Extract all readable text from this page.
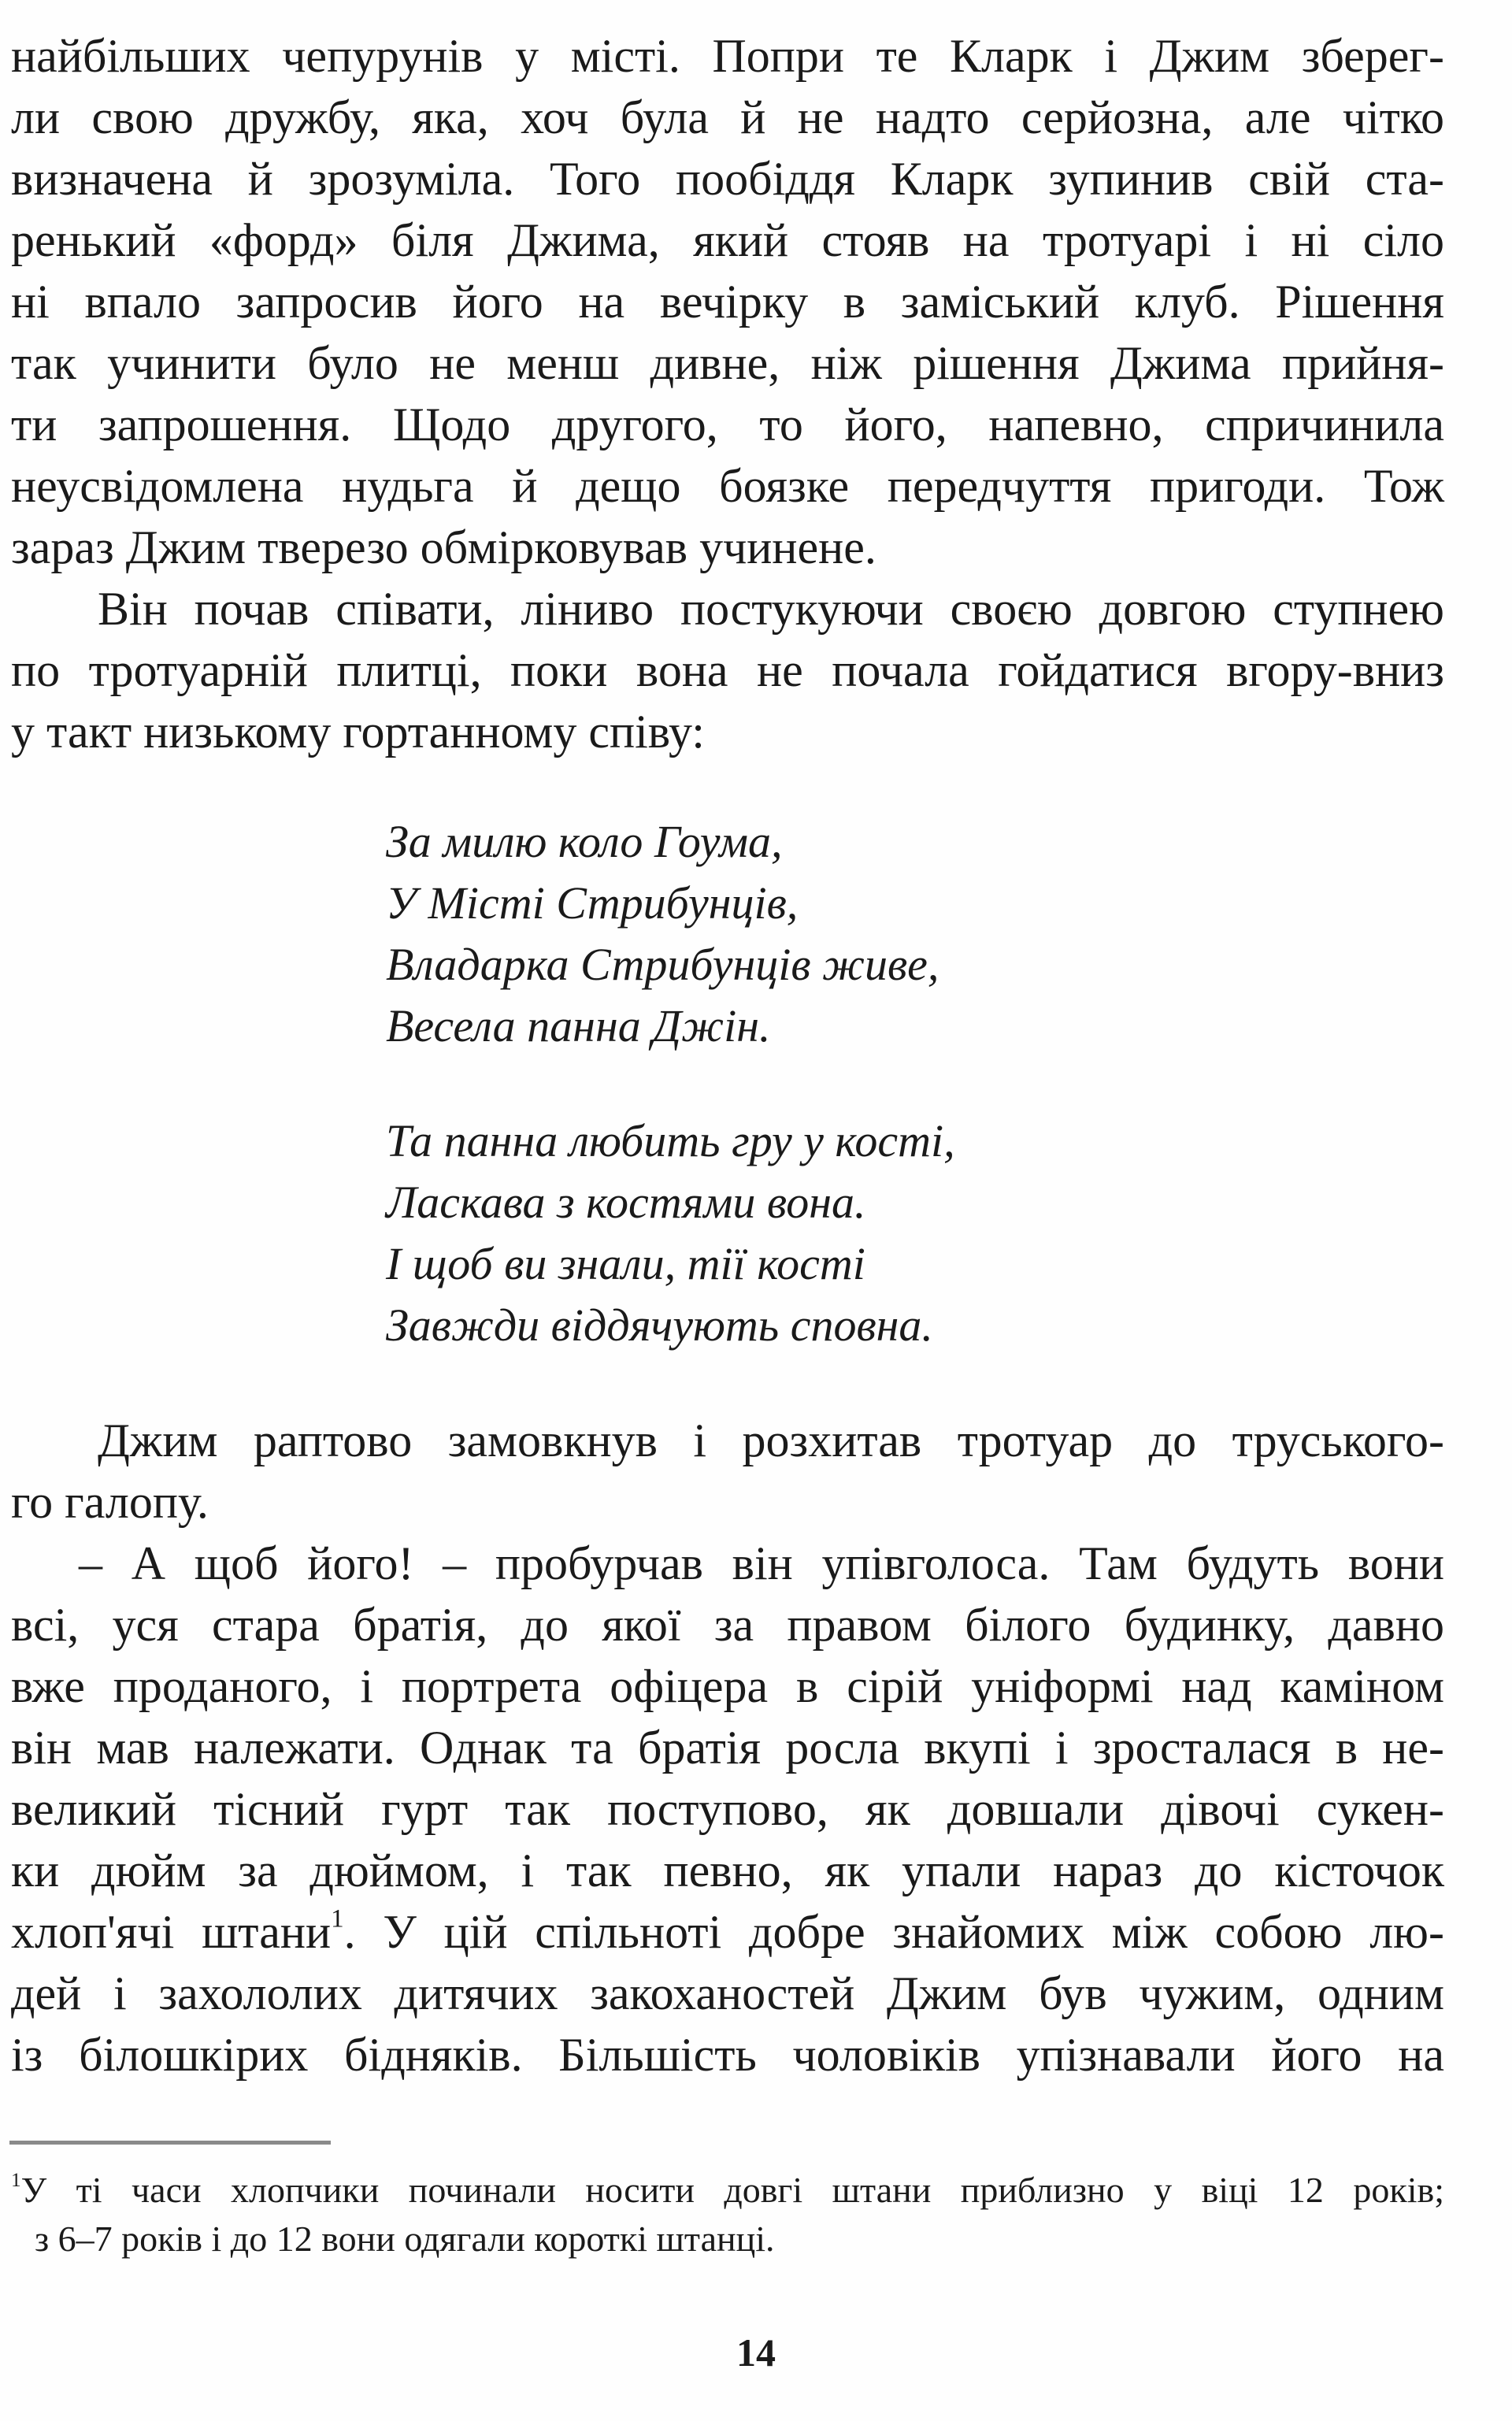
найбільших чепурунів у місті. Попри те Кларк і Джим зберег-
ли свою дружбу, яка, хоч була й не надто серйозна, але чітко
визначена й зрозуміла. Того пообіддя Кларк зупинив свій ста-
ренький «форд» біля Джима, який стояв на тротуарі і ні сіло
ні впало запросив його на вечірку в заміський клуб. Рішення
так учинити було не менш дивне, ніж рішення Джима прийня-
ти запрошення. Щодо другого, то його, напевно, спричинила
неусвідомлена нудьга й дещо боязке передчуття пригоди. Тож
зараз Джим тверезо обмірковував учинене.
Він почав співати, ліниво постукуючи своєю довгою ступнею
по тротуарній плитці, поки вона не почала гойдатися вгору-вниз
у такт низькому гортанному співу:
За милю коло Гоума,
У Місті Стрибунців,
Владарка Стрибунців живе,
Весела панна Джін.
Та панна любить гру у кості,
Ласкава з костями вона.
І щоб ви знали, тії кості
Завжди віддячують сповна.
Джим раптово замовкнув і розхитав тротуар до труського-
го галопу.
– А щоб його! – пробурчав він упівголоса. Там будуть вони
всі, уся стара братія, до якої за правом білого будинку, давно
вже проданого, і портрета офіцера в сірій уніформі над каміном
він мав належати. Однак та братія росла вкупі і зросталася в не-
великий тісний гурт так поступово, як довшали дівочі сукен-
ки дюйм за дюймом, і так певно, як упали нараз до кісточок
хлоп'ячі штани$^1$. У цій спільноті добре знайомих між собою лю-
дей і захололих дитячих закоханостей Джим був чужим, одним
із білошкірих бідняків. Більшість чоловіків упізнавали його на
$^1$У ті часи хлопчики починали носити довгі штани приблизно у віці 12 років;
з 6–7 років і до 12 вони одягали короткі штанці.
14
